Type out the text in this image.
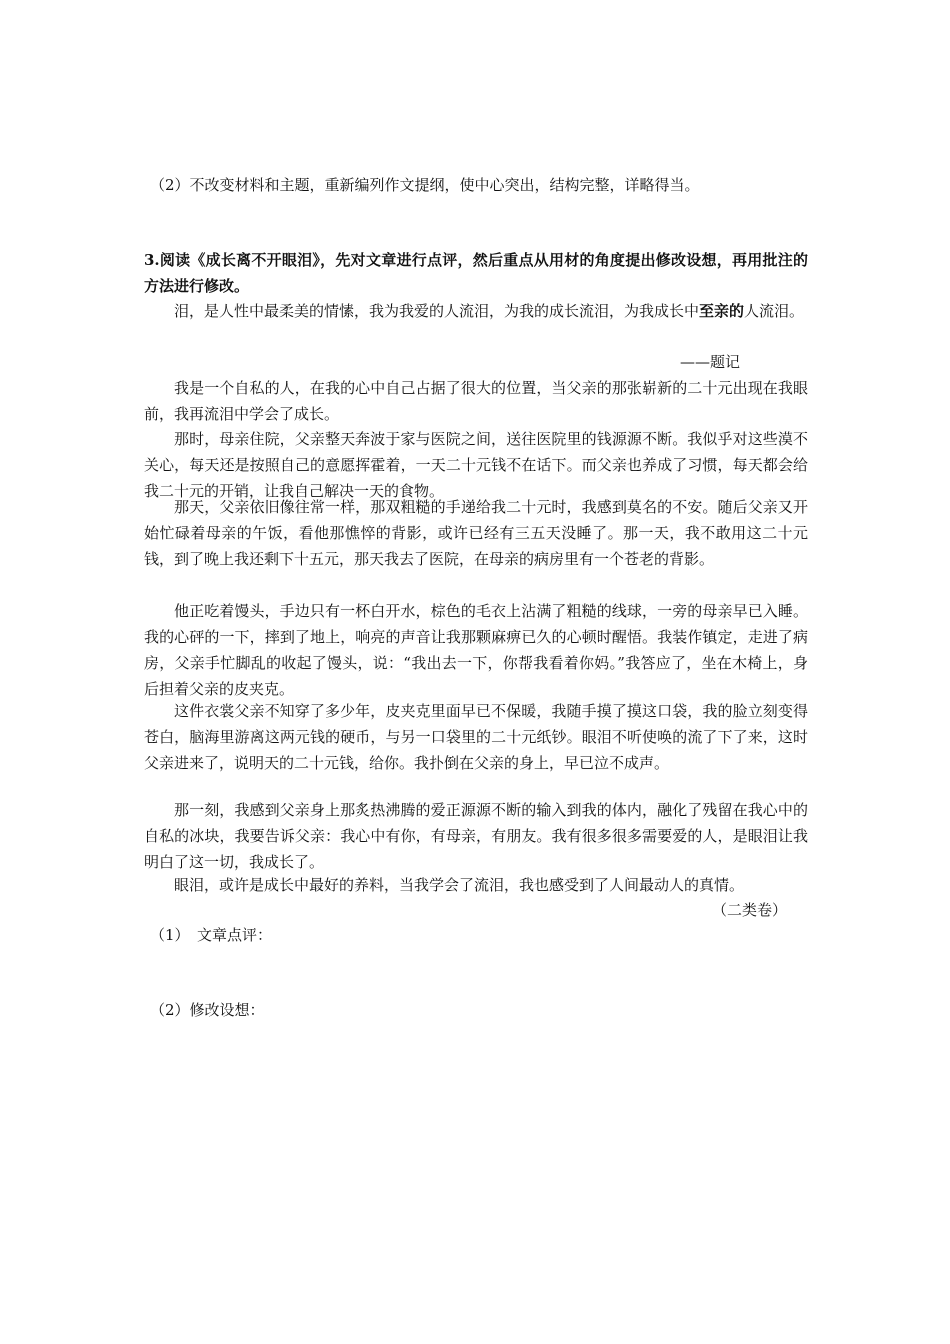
（2）不改变材料和主题，重新编列作文提纲，使中心突出，结构完整，详略得当。
3.阅读《成长离不开眼泪》，先对文章进行点评，然后重点从用材的角度提出修改设想，再用批注的方法进行修改。
泪，是人性中最柔美的情愫，我为我爱的人流泪，为我的成长流泪，为我成长中至亲的人流泪。
——题记
我是一个自私的人，在我的心中自己占据了很大的位置，当父亲的那张崭新的二十元出现在我眼前，我再流泪中学会了成长。
那时，母亲住院，父亲整天奔波于家与医院之间，送往医院里的钱源源不断。我似乎对这些漠不关心，每天还是按照自己的意愿挥霍着，一天二十元钱不在话下。而父亲也养成了习惯，每天都会给我二十元的开销，让我自己解决一天的食物。
那天，父亲依旧像往常一样，那双粗糙的手递给我二十元时，我感到莫名的不安。随后父亲又开始忙碌着母亲的午饭，看他那憔悴的背影，或许已经有三五天没睡了。那一天，我不敢用这二十元钱，到了晚上我还剩下十五元，那天我去了医院，在母亲的病房里有一个苍老的背影。
他正吃着馒头，手边只有一杯白开水，棕色的毛衣上沾满了粗糙的线球，一旁的母亲早已入睡。我的心砰的一下，摔到了地上，响亮的声音让我那颗麻痹已久的心顿时醒悟。我装作镇定，走进了病房，父亲手忙脚乱的收起了馒头，说：“我出去一下，你帮我看着你妈。”我答应了，坐在木椅上，身后担着父亲的皮夹克。
这件衣裳父亲不知穿了多少年，皮夹克里面早已不保暖，我随手摸了摸这口袋，我的脸立刻变得苍白，脑海里游离这两元钱的硬币，与另一口袋里的二十元纸钞。眼泪不听使唤的流了下了来，这时父亲进来了，说明天的二十元钱，给你。我扑倒在父亲的身上，早已泣不成声。
那一刻，我感到父亲身上那炙热沸腾的爱正源源不断的输入到我的体内，融化了残留在我心中的自私的冰块，我要告诉父亲：我心中有你，有母亲，有朋友。我有很多很多需要爱的人，是眼泪让我明白了这一切，我成长了。
眼泪，或许是成长中最好的养料，当我学会了流泪，我也感受到了人间最动人的真情。
（二类卷）
（1）　文章点评：
（2）修改设想：
